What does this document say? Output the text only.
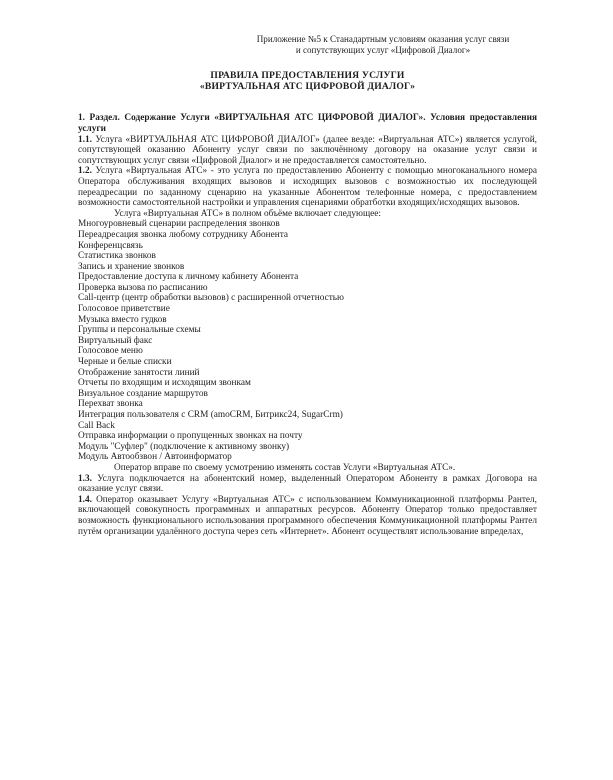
Приложение №5 к Станадартным условиям оказания услуг связи
и сопутствующих услуг «Цифровой Диалог»
ПРАВИЛА ПРЕДОСТАВЛЕНИЯ УСЛУГИ
«ВИРТУАЛЬНАЯ АТС ЦИФРОВОЙ ДИАЛОГ»
1. Раздел. Содержание Услуги «ВИРТУАЛЬНАЯ АТС ЦИФРОВОЙ ДИАЛОГ». Условия предоставления услуги

1.1. Услуга «ВИРТУАЛЬНАЯ АТС ЦИФРОВОЙ ДИАЛОГ» (далее везде: «Виртуальная АТС») является услугой, сопутствующей оказанию Абоненту услуг связи по заключённому договору на оказание услуг связи и сопутствующих услуг связи «Цифровой Диалог» и не предоставляется самостоятельно.

1.2. Услуга «Виртуальная АТС» - это услуга по предоставлению Абоненту с помощью многоканального номера Оператора обслуживания входящих вызовов и исходящих вызовов с возможностью их последующей переадресации по заданному сценарию на указанные Абонентом телефонные номера, с предоставлением возможности самостоятельной настройки и управления сценариями обратботки входящих/исходящих вызовов.

Услуга «Виртуальная АТС» в полном объёме включает следующее:
Многоуровневый сценарии распределения звонков
Переадресация звонка любому сотруднику Абонента
Конференцсвязь
Статистика звонков
Запись и хранение звонков
Предоставление доступа к личному кабинету Абонента
Проверка вызова по расписанию
Call-центр (центр обработки вызовов) с расширенной отчетностью
Голосовое приветствие
Музыка вместо гудков
Группы и персональные схемы
Виртуальный факс
Голосовое меню
Черные и белые списки
Отображение занятости линий
Отчеты по входящим и исходящим звонкам
Визуальное создание маршрутов
Перехват звонка
Интеграция пользователя с CRM (amoCRM, Битрикс24, SugarCrm)
Call Back
Отправка информации о пропущенных звонках на почту
Модуль "Суфлер" (подключение к активному звонку)
Модуль Автообзвон / Автоинформатор
Оператор вправе по своему усмотрению изменять состав Услуги «Виртуальная АТС».

1.3. Услуга подключается на абонентский номер, выделенный Оператором Абоненту в рамках Договора на оказание услуг связи.

1.4. Оператор оказывает Услугу «Виртуальная АТС» с использованием Коммуникационной платформы Рантел, включающей совокупность программных и аппаратных ресурсов. Абоненту Оператор только предоставляет возможность функционального использования программного обеспечения Коммуникационной платформы Рантел путём организации удалённого доступа через сеть «Интернет». Абонент осуществлят использование впределах,
